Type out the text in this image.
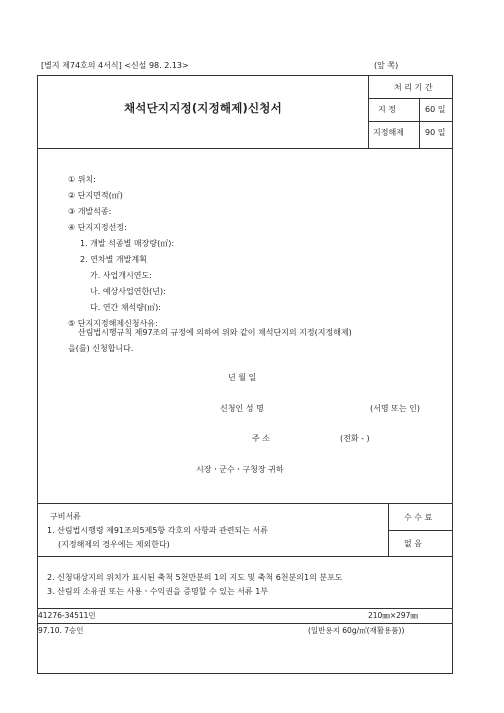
[별지 제74호의 4서식] <신설 98. 2.13>	(앞 쪽)
채석단지지정(지정해제)신청서
처 리 기 간
지 정	60 일
지정해제	90 일
① 위치:
② 단지면적(㎡)
③ 개발석종:
④ 단지지정선정:
1. 개발 석종별 매장량(㎥):
2. 연차별 개발계획
가. 사업개시연도:
나. 예상사업연한(년):
다. 연간 채석량(㎥):
⑤ 단지지정해제신청사유:
산림법시행규칙 제97조의 규정에 의하여 위와 같이 채석단지의 지정(지정해제)
을(를) 신청합니다.
년 월 일
신청인 성 명	(서명 또는 인)
주 소	(전화 - )
시장ㆍ군수ㆍ구청장 귀하
구비서류
1. 산림법시행령 제91조의5제5항 각호의 사항과 관련되는 서류
(지정해제의 경우에는 제외한다)
수 수 료
없 음
2. 신청대상지의 위치가 표시된 축척 5천만분의 1의 지도 및 축척 6천분의1의 분포도
3. 산림의 소유권 또는 사용ㆍ수익권을 증명할 수 있는 서류 1부
41276-34511민	210㎜×297㎜
97.10. 7승인	(일반용지 60g/㎡(재활용품))
